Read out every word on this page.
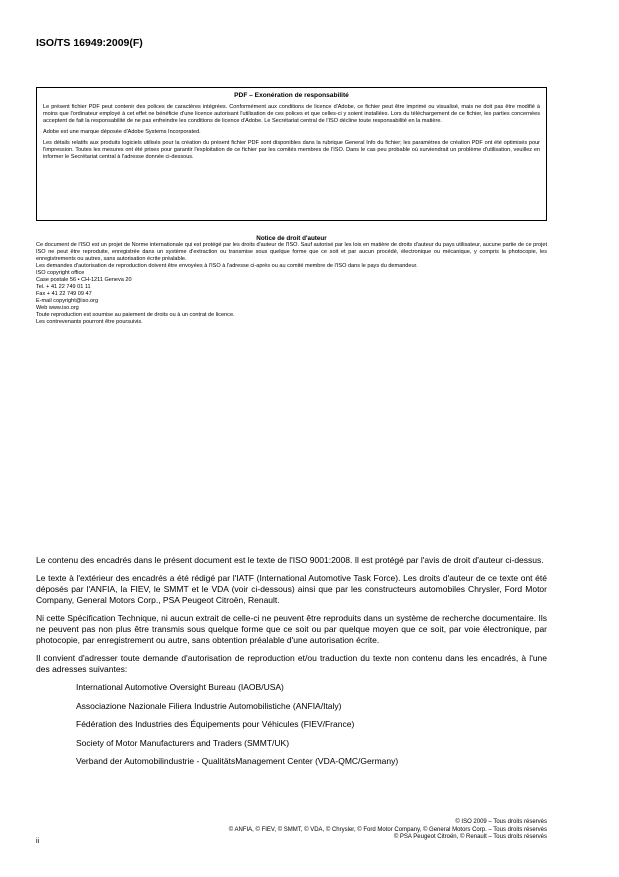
ISO/TS 16949:2009(F)
PDF – Exonération de responsabilité

Le présent fichier PDF peut contenir des polices de caractères intégrées. Conformément aux conditions de licence d'Adobe, ce fichier peut être imprimé ou visualisé, mais ne doit pas être modifié à moins que l'ordinateur employé à cet effet ne bénéficie d'une licence autorisant l'utilisation de ces polices et que celles-ci y soient installées. Lors du téléchargement de ce fichier, les parties concernées acceptent de fait la responsabilité de ne pas enfreindre les conditions de licence d'Adobe. Le Secrétariat central de l'ISO décline toute responsabilité en la matière.

Adobe est une marque déposée d'Adobe Systems Incorporated.

Les détails relatifs aux produits logiciels utilisés pour la création du présent fichier PDF sont disponibles dans la rubrique General Info du fichier; les paramètres de création PDF ont été optimisés pour l'impression. Toutes les mesures ont été prises pour garantir l'exploitation de ce fichier par les comités membres de l'ISO. Dans le cas peu probable où surviendrait un problème d'utilisation, veuillez en informer le Secrétariat central à l'adresse donnée ci-dessous.

Notice de droit d'auteur

Ce document de l'ISO est un projet de Norme internationale qui est protégé par les droits d'auteur de l'ISO. Sauf autorisé par les lois en matière de droits d'auteur du pays utilisateur, aucune partie de ce projet ISO ne peut être reproduite, enregistrée dans un système d'extraction ou transmise sous quelque forme que ce soit et par aucun procédé, électronique ou mécanique, y compris la photocopie, les enregistrements ou autres, sans autorisation écrite préalable.

Les demandes d'autorisation de reproduction doivent être envoyées à l'ISO à l'adresse ci-après ou au comité membre de l'ISO dans le pays du demandeur.

ISO copyright office
Case postale 56 • CH-1211 Geneva 20
Tel. + 41 22 749 01 11
Fax + 41 22 749 09 47
E-mail copyright@iso.org
Web www.iso.org
Toute reproduction est soumise au paiement de droits ou à un contrat de licence.
Les contrevenants pourront être poursuivis.

Le contenu des encadrés dans le présent document est le texte de l'ISO 9001:2008. Il est protégé par l'avis de droit d'auteur ci-dessus.

Le texte à l'extérieur des encadrés a été rédigé par l'IATF (International Automotive Task Force). Les droits d'auteur de ce texte ont été déposés par l'ANFIA, la FIEV, le SMMT et le VDA (voir ci-dessous) ainsi que par les constructeurs automobiles Chrysler, Ford Motor Company, General Motors Corp., PSA Peugeot Citroën, Renault.

Ni cette Spécification Technique, ni aucun extrait de celle-ci ne peuvent être reproduits dans un système de recherche documentaire. Ils ne peuvent pas non plus être transmis sous quelque forme que ce soit ou par quelque moyen que ce soit, par voie électronique, par photocopie, par enregistrement ou autre, sans obtention préalable d'une autorisation écrite.

Il convient d'adresser toute demande d'autorisation de reproduction et/ou traduction du texte non contenu dans les encadrés, à l'une des adresses suivantes:

International Automotive Oversight Bureau (IAOB/USA)

Associazione Nazionale Filiera Industrie Automobilistiche (ANFIA/Italy)

Fédération des Industries des Équipements pour Véhicules (FIEV/France)

Society of Motor Manufacturers and Traders (SMMT/UK)

Verband der Automobilindustrie - QualitätsManagement Center (VDA-QMC/Germany)

© ISO 2009 – Tous droits réservés
© ANFIA, © FIEV, © SMMT, © VDA, © Chrysler, © Ford Motor Company, © General Motors Corp. – Tous droits réservés
© PSA Peugeot Citroën, © Renault – Tous droits réservés
ii
